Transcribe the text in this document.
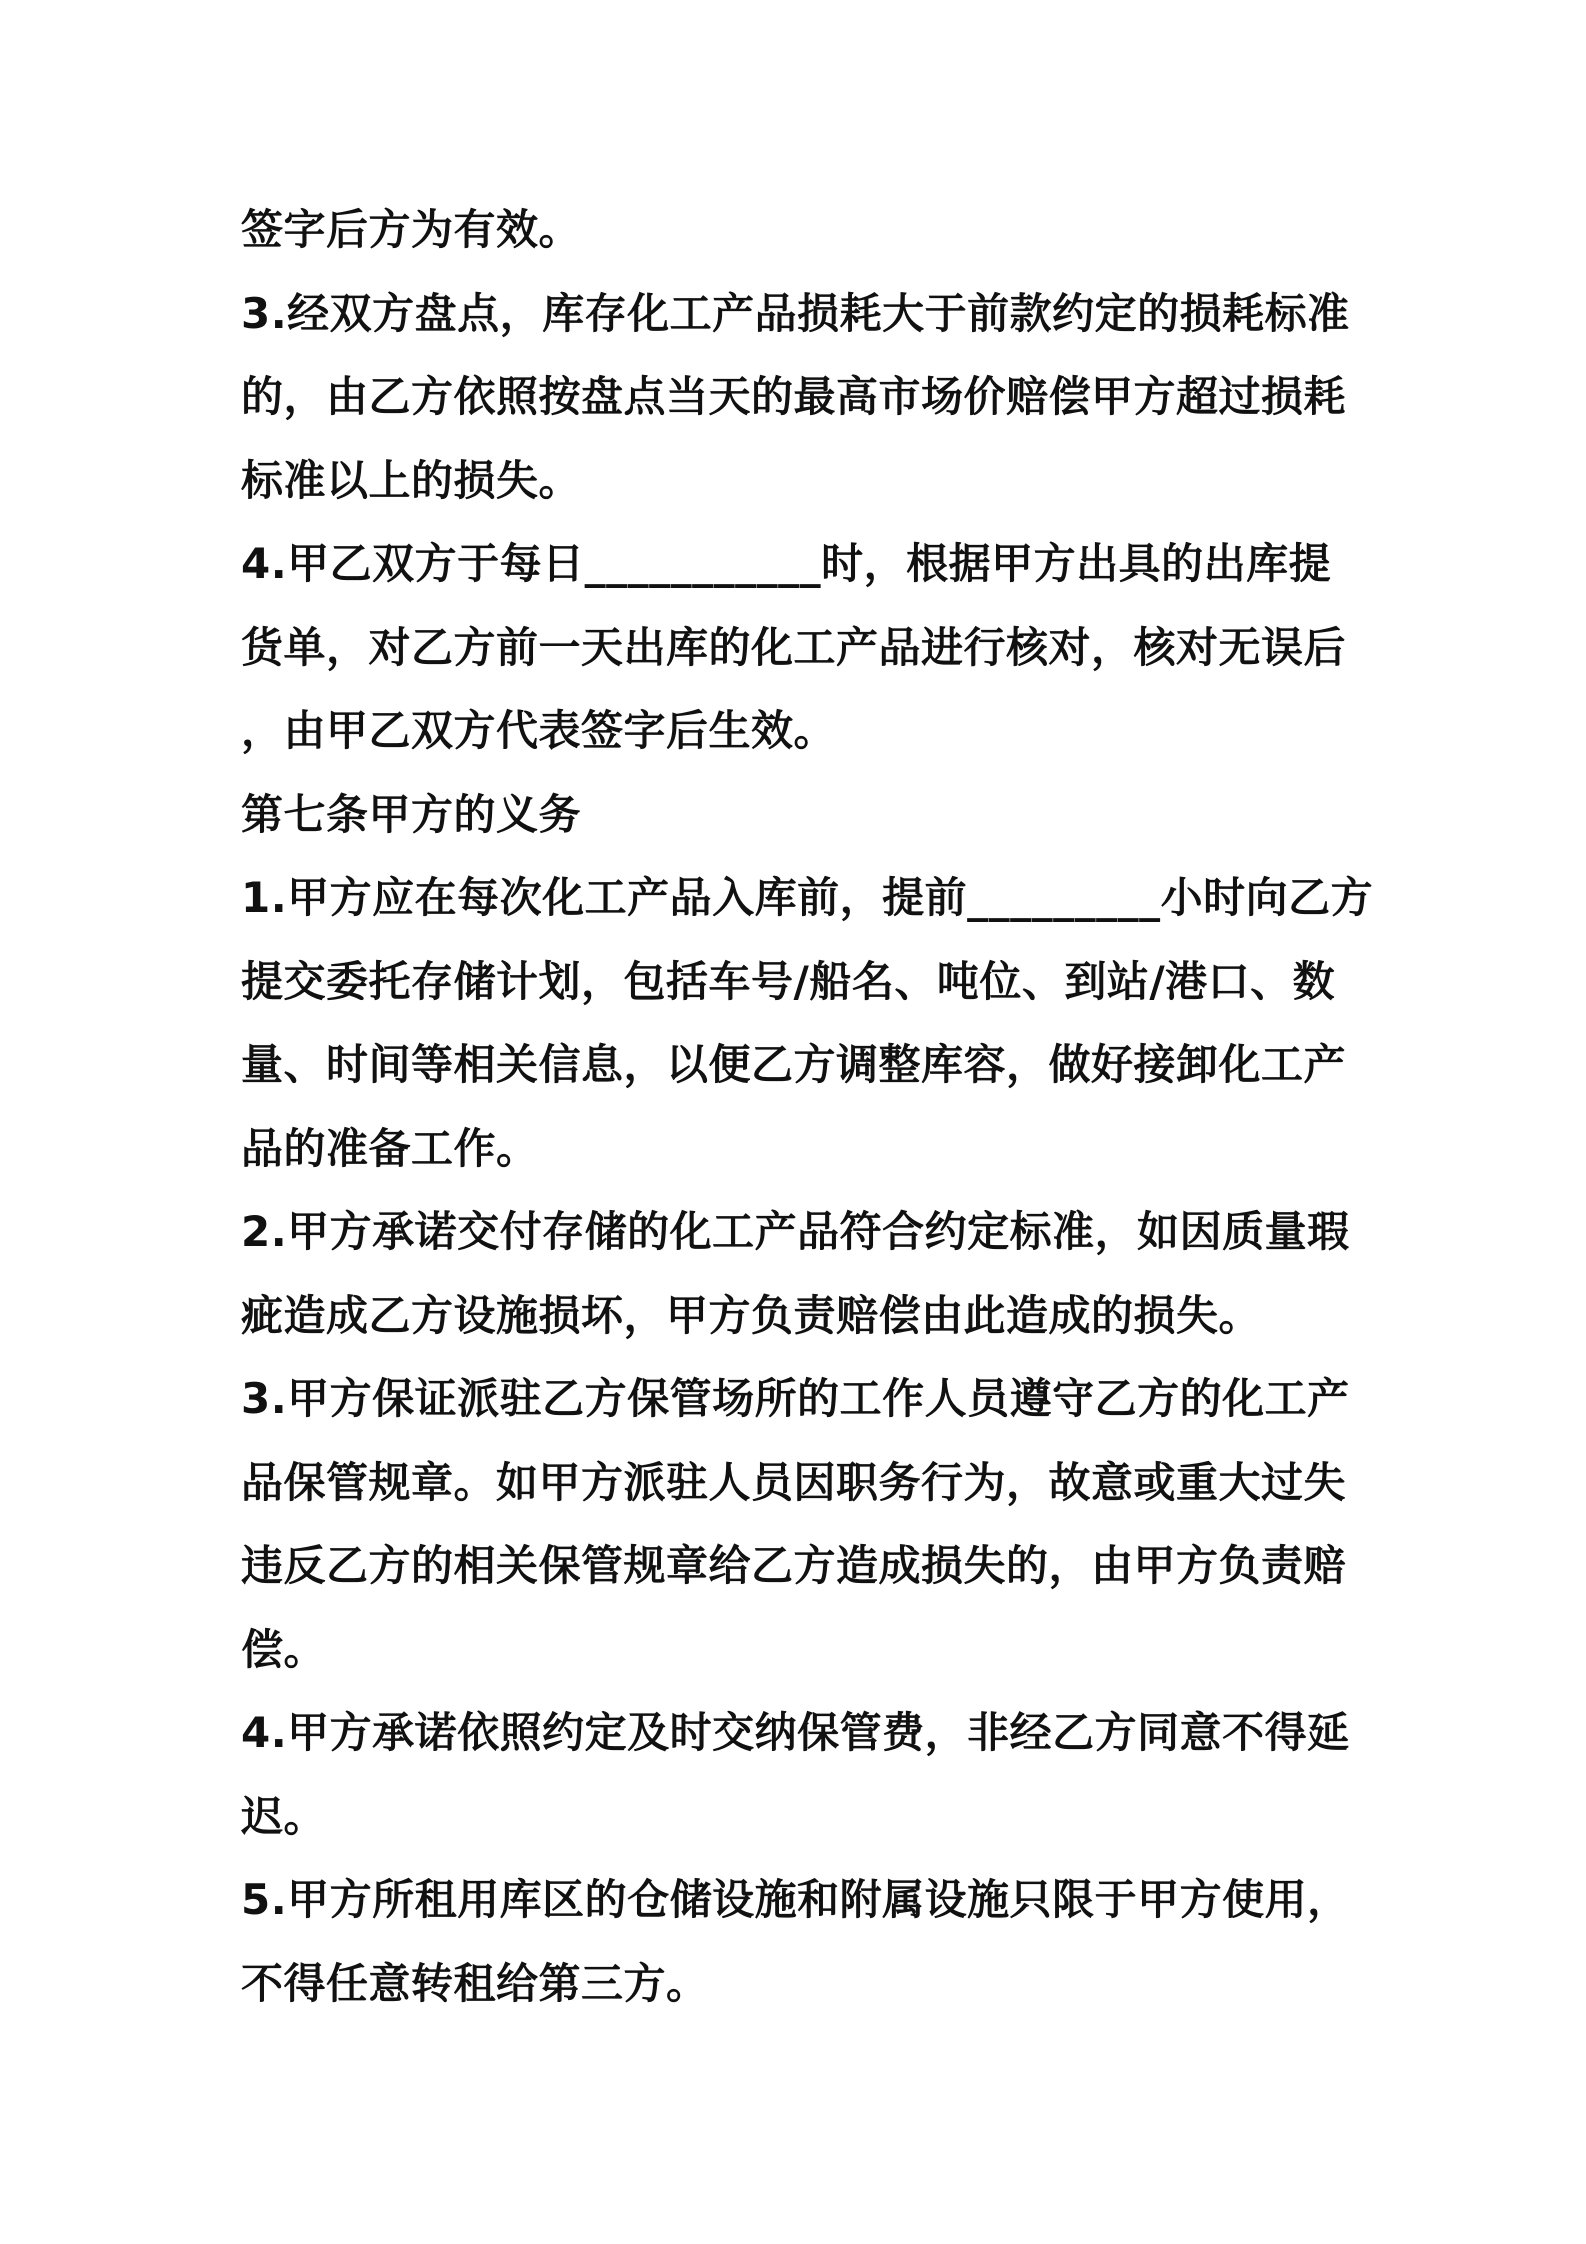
签字后方为有效。
3.经双方盘点，库存化工产品损耗大于前款约定的损耗标准
的，由乙方依照按盘点当天的最高市场价赔偿甲方超过损耗
标准以上的损失。
4.甲乙双方于每日___________时，根据甲方出具的出库提
货单，对乙方前一天出库的化工产品进行核对，核对无误后
，由甲乙双方代表签字后生效。
第七条甲方的义务
1.甲方应在每次化工产品入库前，提前_________小时向乙方
提交委托存储计划，包括车号/船名、吨位、到站/港口、数
量、时间等相关信息，以便乙方调整库容，做好接卸化工产
品的准备工作。
2.甲方承诺交付存储的化工产品符合约定标准，如因质量瑕
疵造成乙方设施损坏，甲方负责赔偿由此造成的损失。
3.甲方保证派驻乙方保管场所的工作人员遵守乙方的化工产
品保管规章。如甲方派驻人员因职务行为，故意或重大过失
违反乙方的相关保管规章给乙方造成损失的，由甲方负责赔
偿。
4.甲方承诺依照约定及时交纳保管费，非经乙方同意不得延
迟。
5.甲方所租用库区的仓储设施和附属设施只限于甲方使用，
不得任意转租给第三方。
